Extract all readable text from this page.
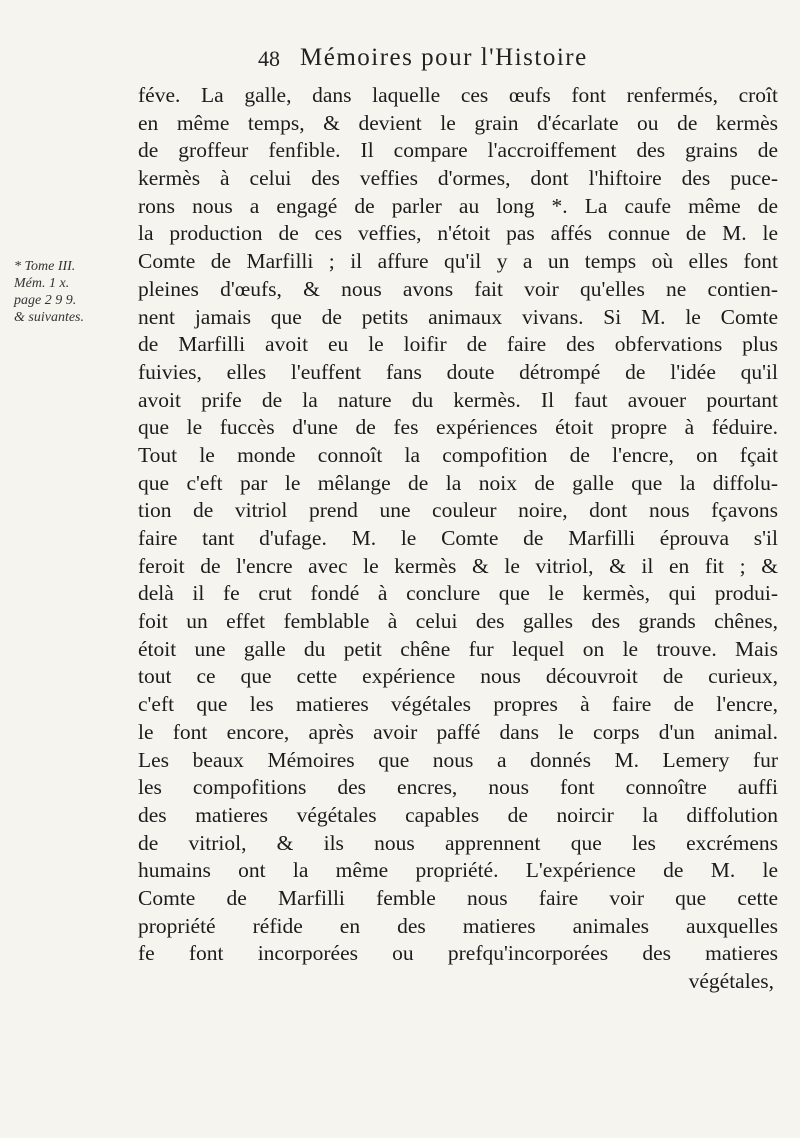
48 Mémoires pour l'Histoire
* Tome III.
Mém. 1 x.
page 2 9 9.
& suivantes.
féve. La galle, dans laquelle ces œufs font renfermés, croît
en même temps, & devient le grain d'écarlate ou de kermès
de groffeur fenfible. Il compare l'accroiffement des grains de
kermès à celui des veffies d'ormes, dont l'hiftoire des puce-
rons nous a engagé de parler au long *. La caufe même de
la production de ces veffies, n'étoit pas affés connue de M. le
Comte de Marfilli ; il affure qu'il y a un temps où elles font
pleines d'œufs, & nous avons fait voir qu'elles ne contien-
nent jamais que de petits animaux vivans. Si M. le Comte
de Marfilli avoit eu le loifir de faire des obfervations plus
fuivies, elles l'euffent fans doute détrompé de l'idée qu'il
avoit prife de la nature du kermès. Il faut avouer pourtant
que le fuccès d'une de fes expériences étoit propre à féduire.
Tout le monde connoît la compofition de l'encre, on fçait
que c'eft par le mêlange de la noix de galle que la diffolu-
tion de vitriol prend une couleur noire, dont nous fçavons
faire tant d'ufage. M. le Comte de Marfilli éprouva s'il
feroit de l'encre avec le kermès & le vitriol, & il en fit ; &
delà il fe crut fondé à conclure que le kermès, qui produi-
foit un effet femblable à celui des galles des grands chênes,
étoit une galle du petit chêne fur lequel on le trouve. Mais
tout ce que cette expérience nous découvroit de curieux,
c'eft que les matieres végétales propres à faire de l'encre,
le font encore, après avoir paffé dans le corps d'un animal.
Les beaux Mémoires que nous a donnés M. Lemery fur
les compofitions des encres, nous font connoître auffi
des matieres végétales capables de noircir la diffolution
de vitriol, & ils nous apprennent que les excrémens
humains ont la même propriété. L'expérience de M. le
Comte de Marfilli femble nous faire voir que cette
propriété réfide en des matieres animales auxquelles
fe font incorporées ou prefqu'incorporées des matieres
végétales,
